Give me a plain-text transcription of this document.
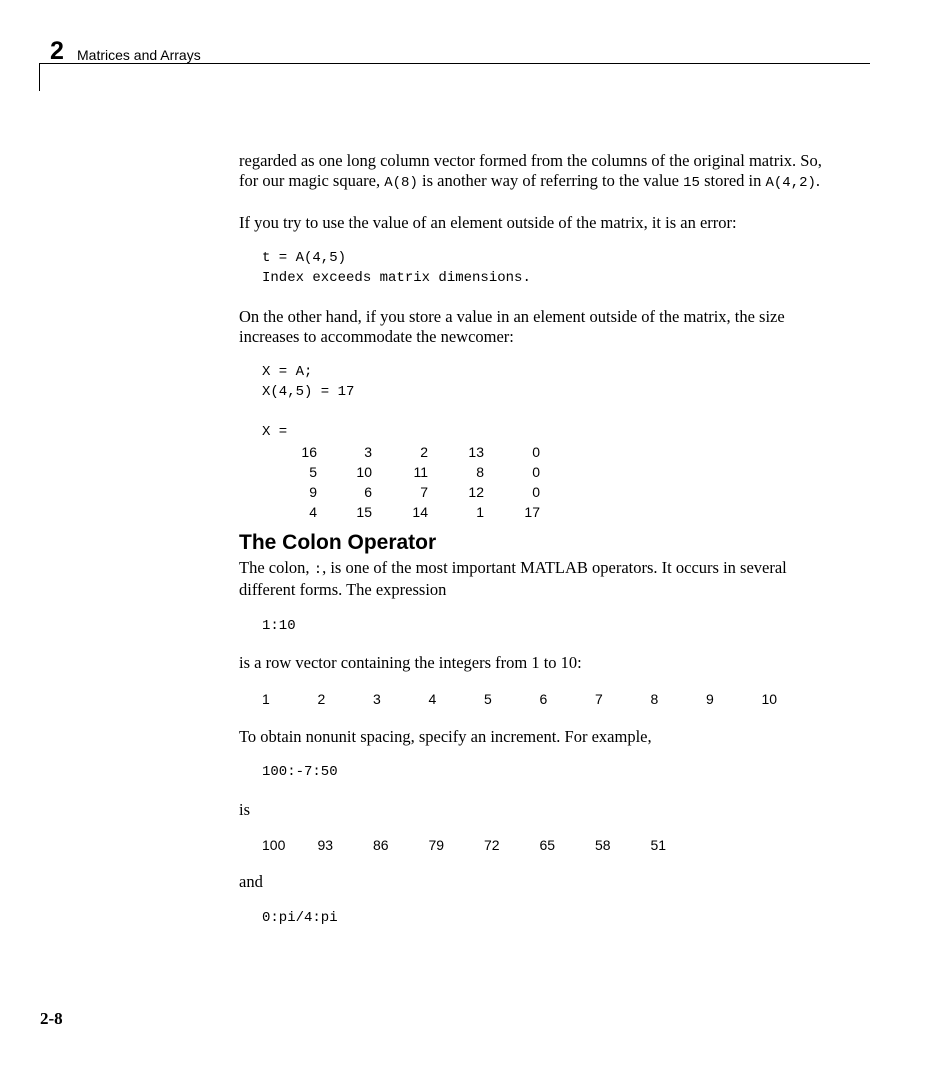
2 Matrices and Arrays

regarded as one long column vector formed from the columns of the original matrix. So, for our magic square, A(8) is another way of referring to the value 15 stored in A(4,2).

If you try to use the value of an element outside of the matrix, it is an error:

t = A(4,5)
Index exceeds matrix dimensions.

On the other hand, if you store a value in an element outside of the matrix, the size increases to accommodate the newcomer:

X = A;
X(4,5) = 17

X =
16	3	2	13	0
5	10	11	8	0
9	6	7	12	0
4	15	14	1	17
The Colon Operator

The colon, :, is one of the most important MATLAB operators. It occurs in several different forms. The expression

1:10

is a row vector containing the integers from 1 to 10:

1	2	3	4	5	6	7	8	9	10

To obtain nonunit spacing, specify an increment. For example,

100:-7:50

is

100	93	86	79	72	65	58	51

and

0:pi/4:pi
2-8
